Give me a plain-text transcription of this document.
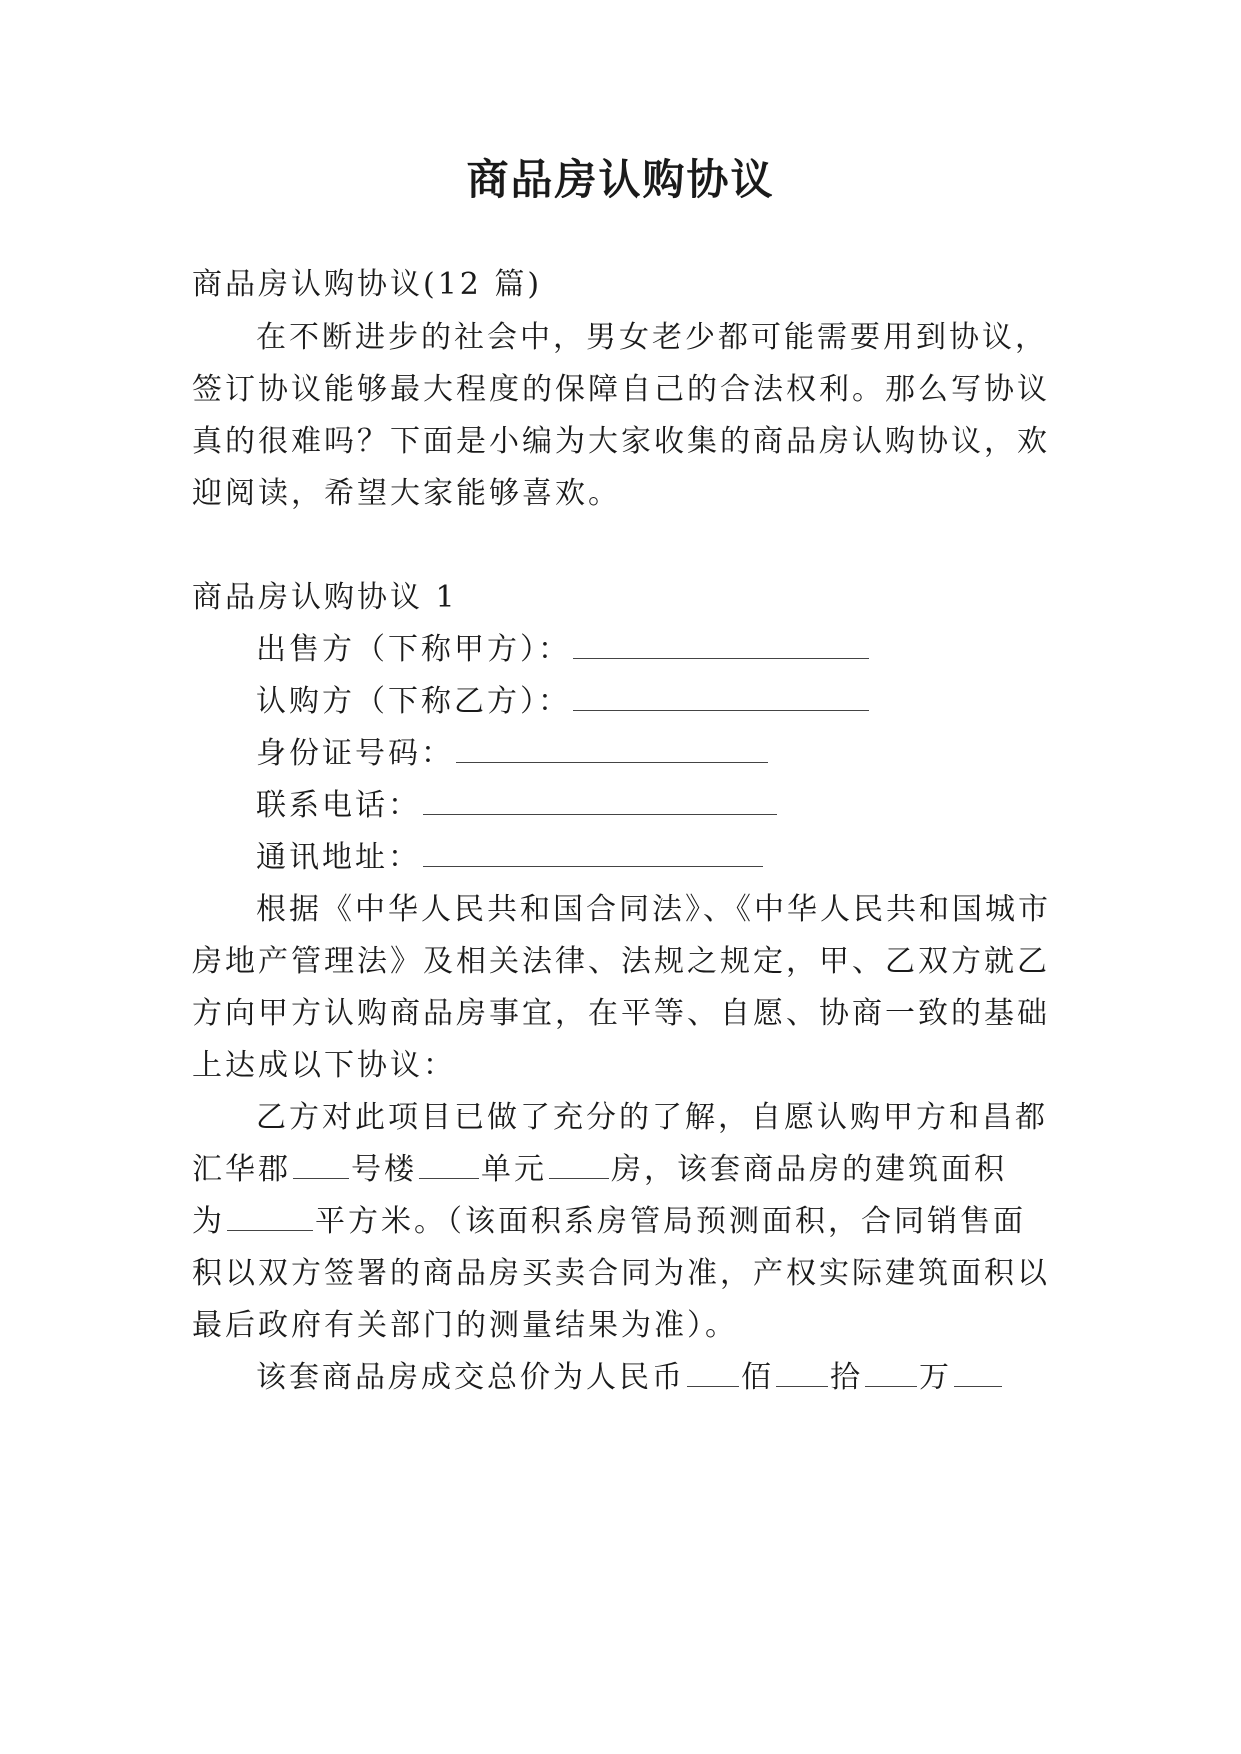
商品房认购协议
商品房认购协议(12 篇)
在不断进步的社会中，男女老少都可能需要用到协议，
签订协议能够最大程度的保障自己的合法权利。那么写协议
真的很难吗？下面是小编为大家收集的商品房认购协议，欢
迎阅读，希望大家能够喜欢。
商品房认购协议 1
出售方（下称甲方）：
认购方（下称乙方）：
身份证号码：
联系电话：
通讯地址：
根据《中华人民共和国合同法》、《中华人民共和国城市
房地产管理法》及相关法律、法规之规定，甲、乙双方就乙
方向甲方认购商品房事宜，在平等、自愿、协商一致的基础
上达成以下协议：
乙方对此项目已做了充分的了解，自愿认购甲方和昌都
汇华郡 号楼 单元 房，该套商品房的建筑面积
为	平方米。（该面积系房管局预测面积，合同销售面
积以双方签署的商品房买卖合同为准，产权实际建筑面积以
最后政府有关部门的测量结果为准）。
该套商品房成交总价为人民币 佰 拾 万
